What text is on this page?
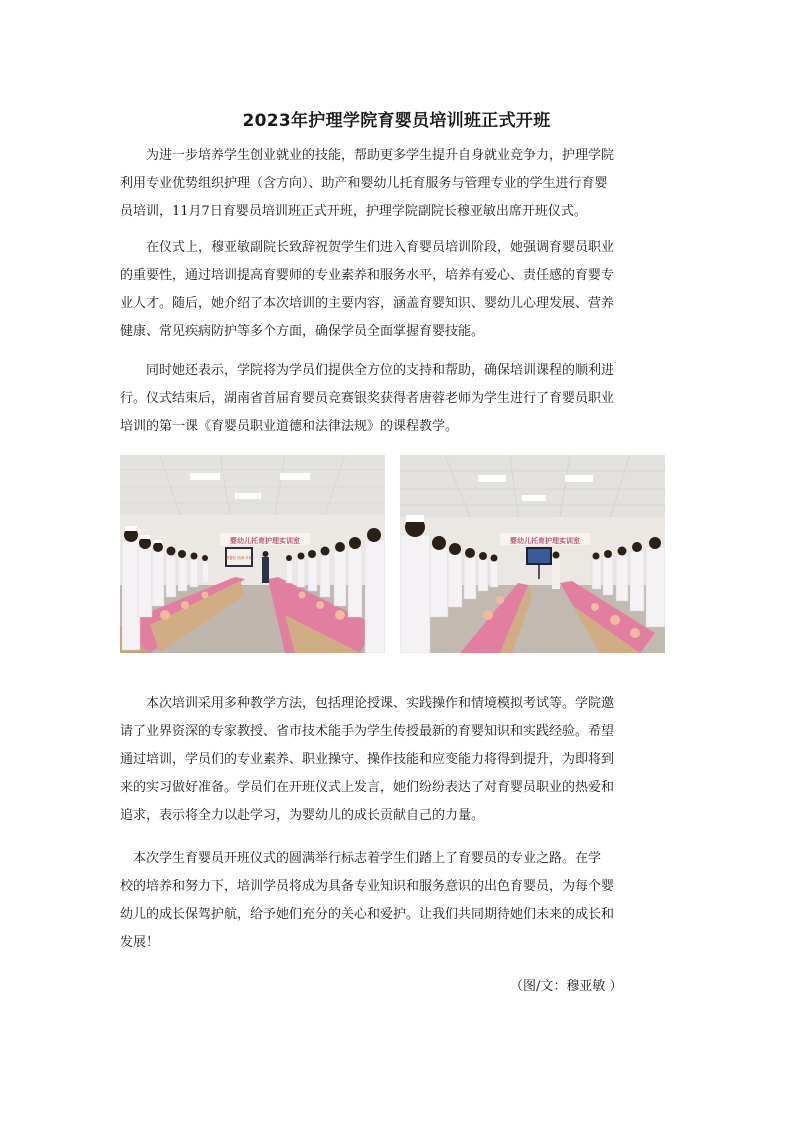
2023年护理学院育婴员培训班正式开班
　　为进一步培养学生创业就业的技能，帮助更多学生提升自身就业竞争力，护理学院
利用专业优势组织护理（含方向）、助产和婴幼儿托育服务与管理专业的学生进行育婴
员培训，11月7日育婴员培训班正式开班，护理学院副院长穆亚敏出席开班仪式。
　　在仪式上，穆亚敏副院长致辞祝贺学生们进入育婴员培训阶段，她强调育婴员职业
的重要性，通过培训提高育婴师的专业素养和服务水平，培养有爱心、责任感的育婴专
业人才。随后，她介绍了本次培训的主要内容，涵盖育婴知识、婴幼儿心理发展、营养
健康、常见疾病防护等多个方面，确保学员全面掌握育婴技能。
　　同时她还表示，学院将为学员们提供全方位的支持和帮助，确保培训课程的顺利进
行。仪式结束后，湖南省首届育婴员竞赛银奖获得者唐蓉老师为学生进行了育婴员职业
培训的第一课《育婴员职业道德和法律法规》的课程教学。
婴幼儿托育护理实训室
育婴员 培训 开班
婴幼儿托育护理实训室
　　本次培训采用多种教学方法，包括理论授课、实践操作和情境模拟考试等。学院邀
请了业界资深的专家教授、省市技术能手为学生传授最新的育婴知识和实践经验。希望
通过培训，学员们的专业素养、职业操守、操作技能和应变能力将得到提升，为即将到
来的实习做好准备。学员们在开班仪式上发言，她们纷纷表达了对育婴员职业的热爱和
追求，表示将全力以赴学习，为婴幼儿的成长贡献自己的力量。
　本次学生育婴员开班仪式的圆满举行标志着学生们踏上了育婴员的专业之路。在学
校的培养和努力下，培训学员将成为具备专业知识和服务意识的出色育婴员，为每个婴
幼儿的成长保驾护航，给予她们充分的关心和爱护。让我们共同期待她们未来的成长和
发展！
（图/文：穆亚敏 ）
